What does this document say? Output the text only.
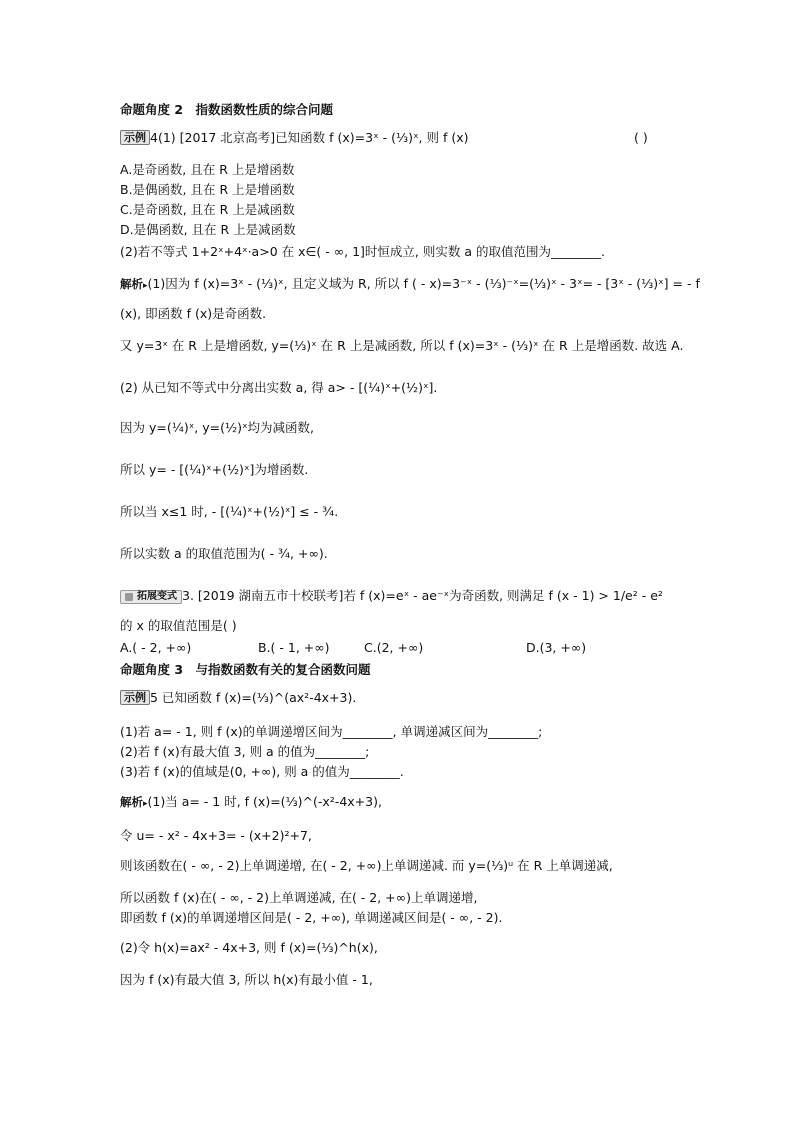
命题角度 2　指数函数性质的综合问题
示例 4(1) [2017 北京高考]已知函数 f (x)=3ˣ - (⅓)ˣ, 则 f (x)	( )
A.是奇函数, 且在 R 上是增函数
B.是偶函数, 且在 R 上是增函数
C.是奇函数, 且在 R 上是减函数
D.是偶函数, 且在 R 上是减函数
(2)若不等式 1+2ˣ+4ˣ·a>0 在 x∈( - ∞, 1]时恒成立, 则实数 a 的取值范围为________.
解析▸(1)因为 f (x)=3ˣ - (⅓)ˣ, 且定义域为 R, 所以 f ( - x)=3⁻ˣ - (⅓)⁻ˣ=(⅓)ˣ - 3ˣ= - [3ˣ - (⅓)ˣ] = - f
(x), 即函数 f (x)是奇函数.
又 y=3ˣ 在 R 上是增函数, y=(⅓)ˣ 在 R 上是减函数, 所以 f (x)=3ˣ - (⅓)ˣ 在 R 上是增函数. 故选 A.
(2) 从已知不等式中分离出实数 a, 得 a> - [(¼)ˣ+(½)ˣ].
因为 y=(¼)ˣ, y=(½)ˣ均为减函数,
所以 y= - [(¼)ˣ+(½)ˣ]为增函数.
所以当 x≤1 时, - [(¼)ˣ+(½)ˣ] ≤ - ¾.
所以实数 a 的取值范围为( - ¾, +∞).
拓展变式 3. [2019 湖南五市十校联考]若 f (x)=eˣ - ae⁻ˣ为奇函数, 则满足 f (x - 1) > 1/e² - e²
的 x 的取值范围是( )
A.( - 2, +∞)	B.( - 1, +∞)	C.(2, +∞)	D.(3, +∞)
命题角度 3　与指数函数有关的复合函数问题
示例 5 已知函数 f (x)=(⅓)^(ax²-4x+3).
(1)若 a= - 1, 则 f (x)的单调递增区间为________, 单调递减区间为________;
(2)若 f (x)有最大值 3, 则 a 的值为________;
(3)若 f (x)的值域是(0, +∞), 则 a 的值为________.
解析▸(1)当 a= - 1 时, f (x)=(⅓)^(-x²-4x+3),
令 u= - x² - 4x+3= - (x+2)²+7,
则该函数在( - ∞, - 2)上单调递增, 在( - 2, +∞)上单调递减. 而 y=(⅓)ᵘ 在 R 上单调递减,
所以函数 f (x)在( - ∞, - 2)上单调递减, 在( - 2, +∞)上单调递增,
即函数 f (x)的单调递增区间是( - 2, +∞), 单调递减区间是( - ∞, - 2).
(2)令 h(x)=ax² - 4x+3, 则 f (x)=(⅓)^h(x),
因为 f (x)有最大值 3, 所以 h(x)有最小值 - 1,
